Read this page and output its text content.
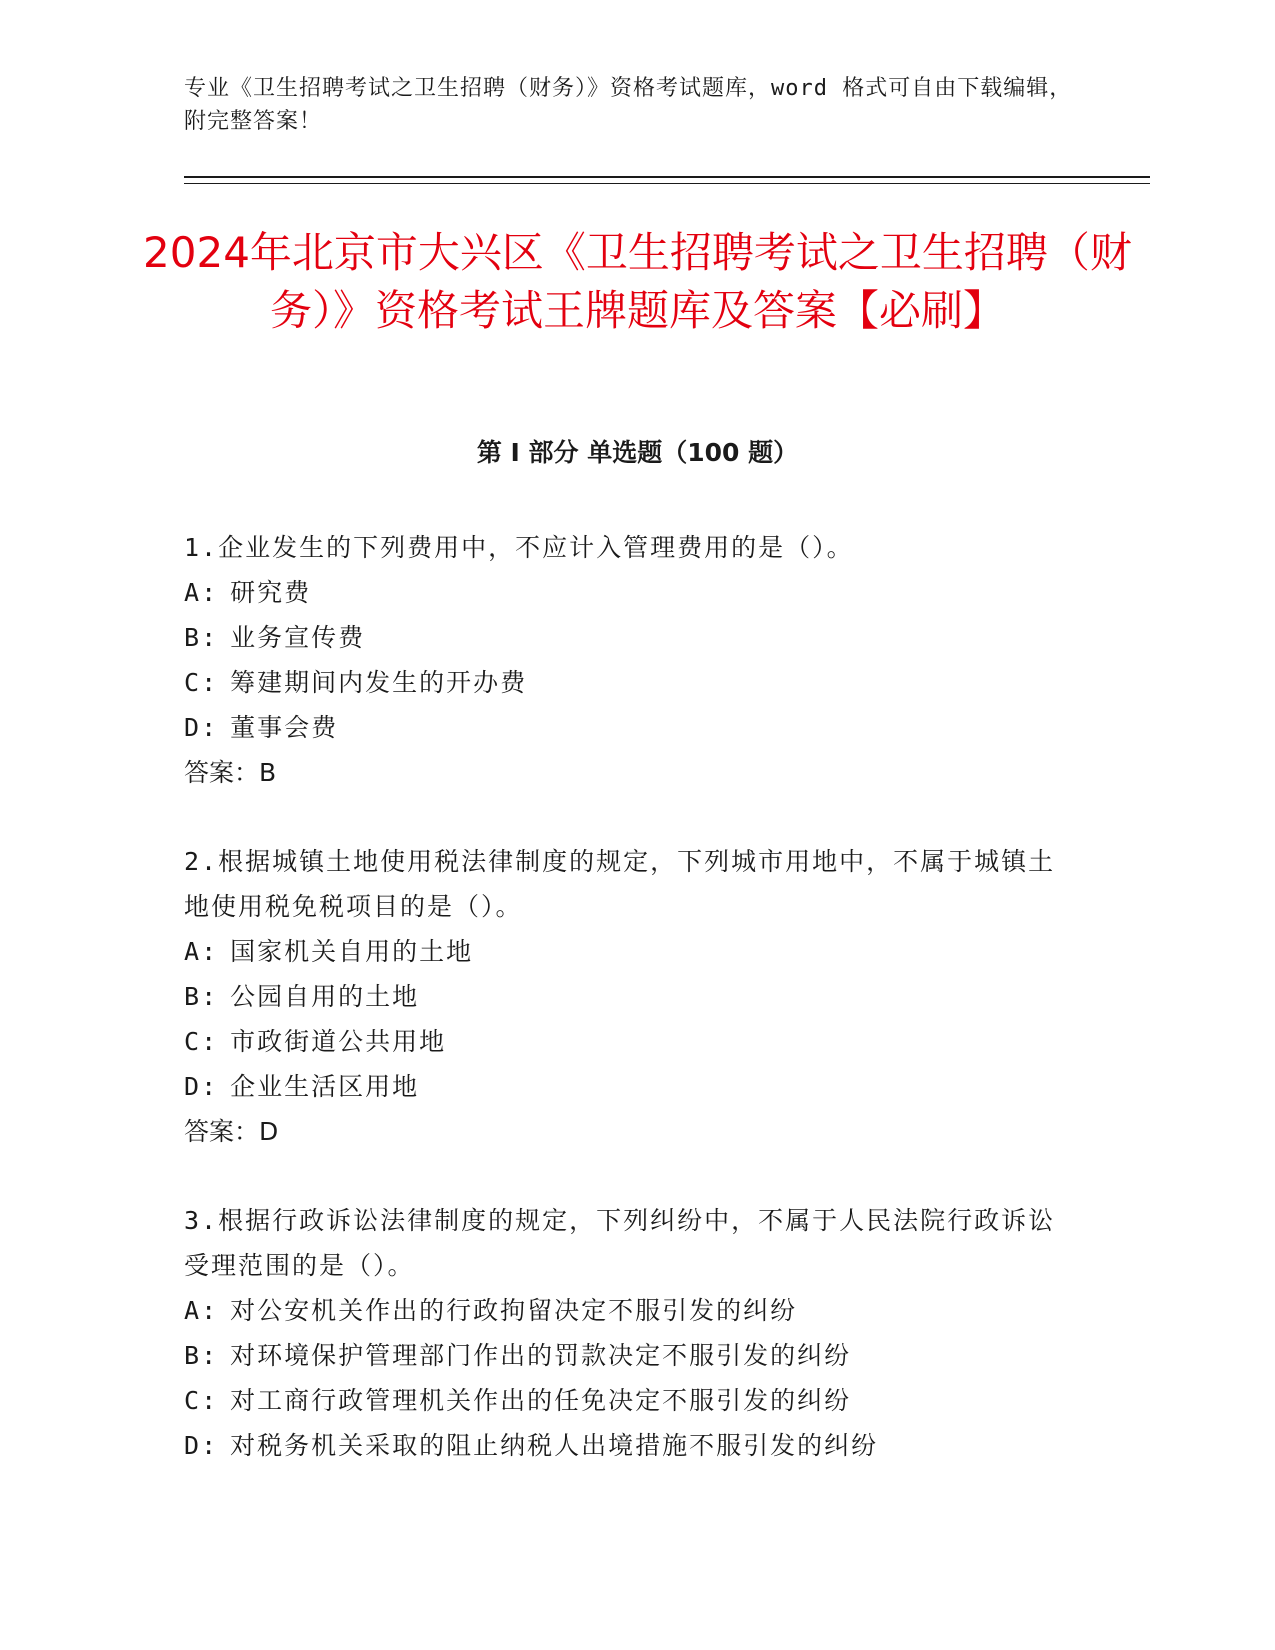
专业《卫生招聘考试之卫生招聘（财务）》资格考试题库，word 格式可自由下载编辑，附完整答案！
2024年北京市大兴区《卫生招聘考试之卫生招聘（财务）》资格考试王牌题库及答案【必刷】
第 I 部分 单选题（100 题）

1.企业发生的下列费用中，不应计入管理费用的是（）。

A: 研究费

B: 业务宣传费

C: 筹建期间内发生的开办费

D: 董事会费

答案：B

2.根据城镇土地使用税法律制度的规定，下列城市用地中，不属于城镇土地使用税免税项目的是（）。

A: 国家机关自用的土地

B: 公园自用的土地

C: 市政街道公共用地

D: 企业生活区用地

答案：D

3.根据行政诉讼法律制度的规定，下列纠纷中，不属于人民法院行政诉讼受理范围的是（）。

A: 对公安机关作出的行政拘留决定不服引发的纠纷

B: 对环境保护管理部门作出的罚款决定不服引发的纠纷

C: 对工商行政管理机关作出的任免决定不服引发的纠纷

D: 对税务机关采取的阻止纳税人出境措施不服引发的纠纷
